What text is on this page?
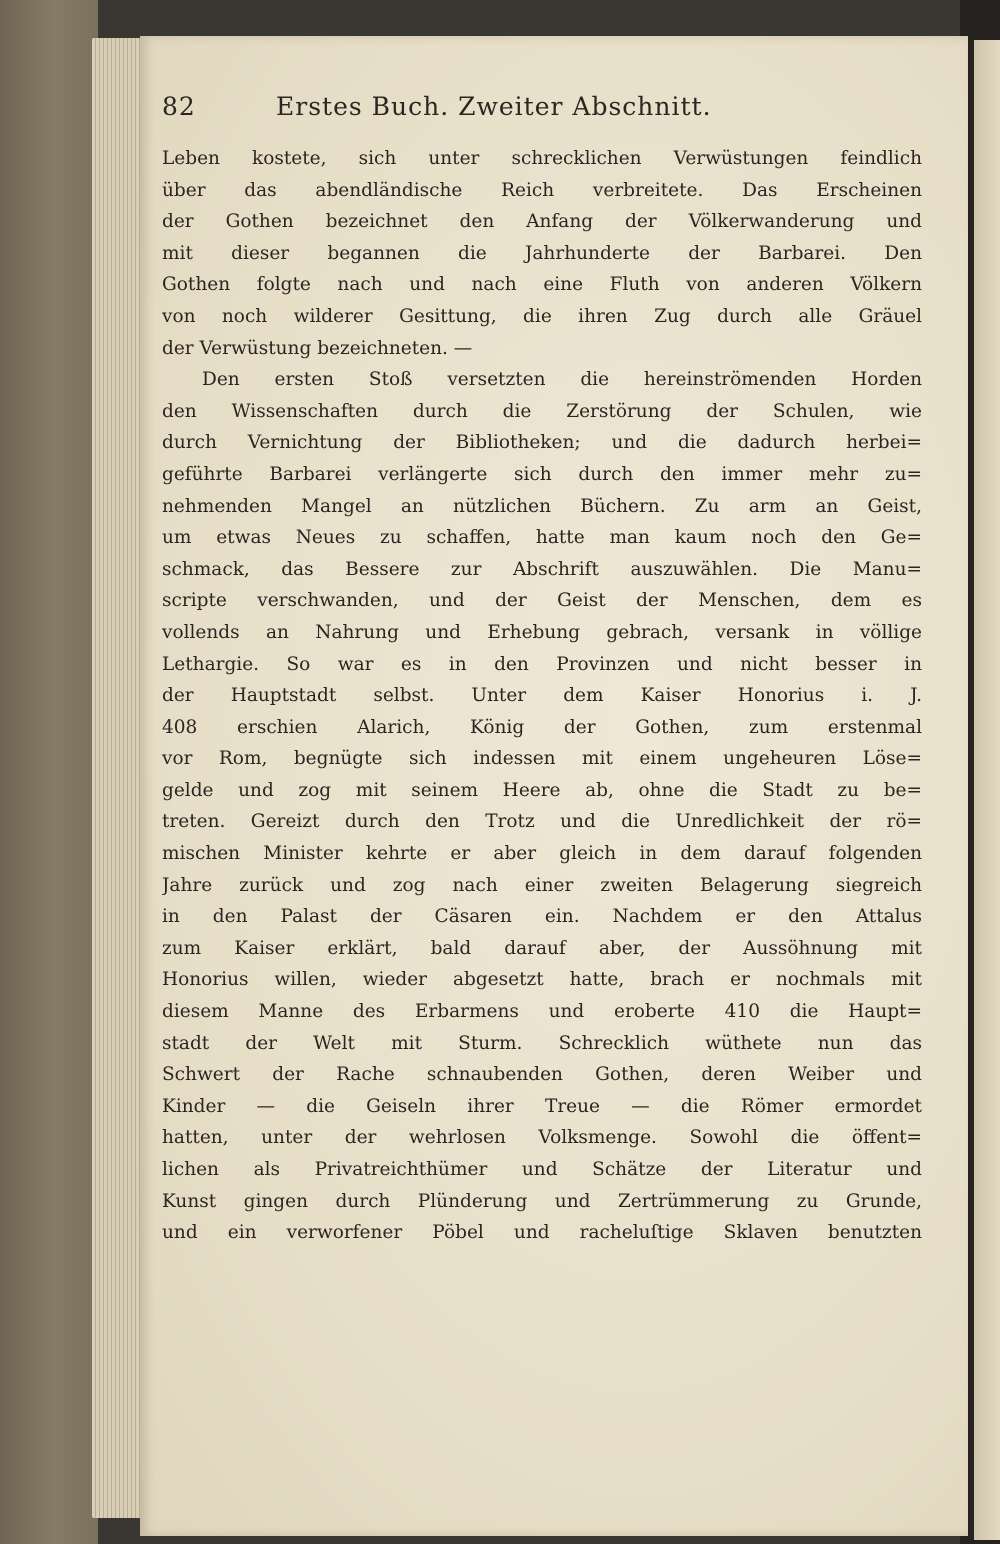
82	Erstes Buch. Zweiter Abschnitt.
Leben kostete, sich unter schrecklichen Verwüstungen feindlich
über das abendländische Reich verbreitete. Das Erscheinen
der Gothen bezeichnet den Anfang der Völkerwanderung und
mit dieser begannen die Jahrhunderte der Barbarei. Den
Gothen folgte nach und nach eine Fluth von anderen Völkern
von noch wilderer Gesittung, die ihren Zug durch alle Gräuel
der Verwüstung bezeichneten. —
Den ersten Stoß versetzten die hereinströmenden Horden
den Wissenschaften durch die Zerstörung der Schulen, wie
durch Vernichtung der Bibliotheken; und die dadurch herbei=
geführte Barbarei verlängerte sich durch den immer mehr zu=
nehmenden Mangel an nützlichen Büchern. Zu arm an Geist,
um etwas Neues zu schaffen, hatte man kaum noch den Ge=
schmack, das Bessere zur Abschrift auszuwählen. Die Manu=
scripte verschwanden, und der Geist der Menschen, dem es
vollends an Nahrung und Erhebung gebrach, versank in völlige
Lethargie. So war es in den Provinzen und nicht besser in
der Hauptstadt selbst. Unter dem Kaiser Honorius i. J.
408 erschien Alarich, König der Gothen, zum erstenmal
vor Rom, begnügte sich indessen mit einem ungeheuren Löse=
gelde und zog mit seinem Heere ab, ohne die Stadt zu be=
treten. Gereizt durch den Trotz und die Unredlichkeit der rö=
mischen Minister kehrte er aber gleich in dem darauf folgenden
Jahre zurück und zog nach einer zweiten Belagerung siegreich
in den Palast der Cäsaren ein. Nachdem er den Attalus
zum Kaiser erklärt, bald darauf aber, der Aussöhnung mit
Honorius willen, wieder abgesetzt hatte, brach er nochmals mit
diesem Manne des Erbarmens und eroberte 410 die Haupt=
stadt der Welt mit Sturm. Schrecklich wüthete nun das
Schwert der Rache schnaubenden Gothen, deren Weiber und
Kinder — die Geiseln ihrer Treue — die Römer ermordet
hatten, unter der wehrlosen Volksmenge. Sowohl die öffent=
lichen als Privatreichthümer und Schätze der Literatur und
Kunst gingen durch Plünderung und Zertrümmerung zu Grunde,
und ein verworfener Pöbel und racheluſtige Sklaven benutzten
